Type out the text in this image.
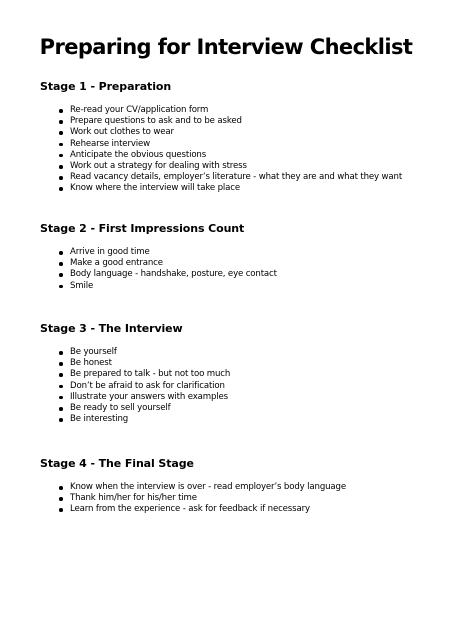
Preparing for Interview Checklist
Stage 1 - Preparation
Re-read your CV/application form
Prepare questions to ask and to be asked
Work out clothes to wear
Rehearse interview
Anticipate the obvious questions
Work out a strategy for dealing with stress
Read vacancy details, employer’s literature - what they are and what they want
Know where the interview will take place
Stage 2 - First Impressions Count
Arrive in good time
Make a good entrance
Body language - handshake, posture, eye contact
Smile
Stage 3 - The Interview
Be yourself
Be honest
Be prepared to talk - but not too much
Don’t be afraid to ask for clarification
Illustrate your answers with examples
Be ready to sell yourself
Be interesting
Stage 4 - The Final Stage
Know when the interview is over - read employer’s body language
Thank him/her for his/her time
Learn from the experience - ask for feedback if necessary
